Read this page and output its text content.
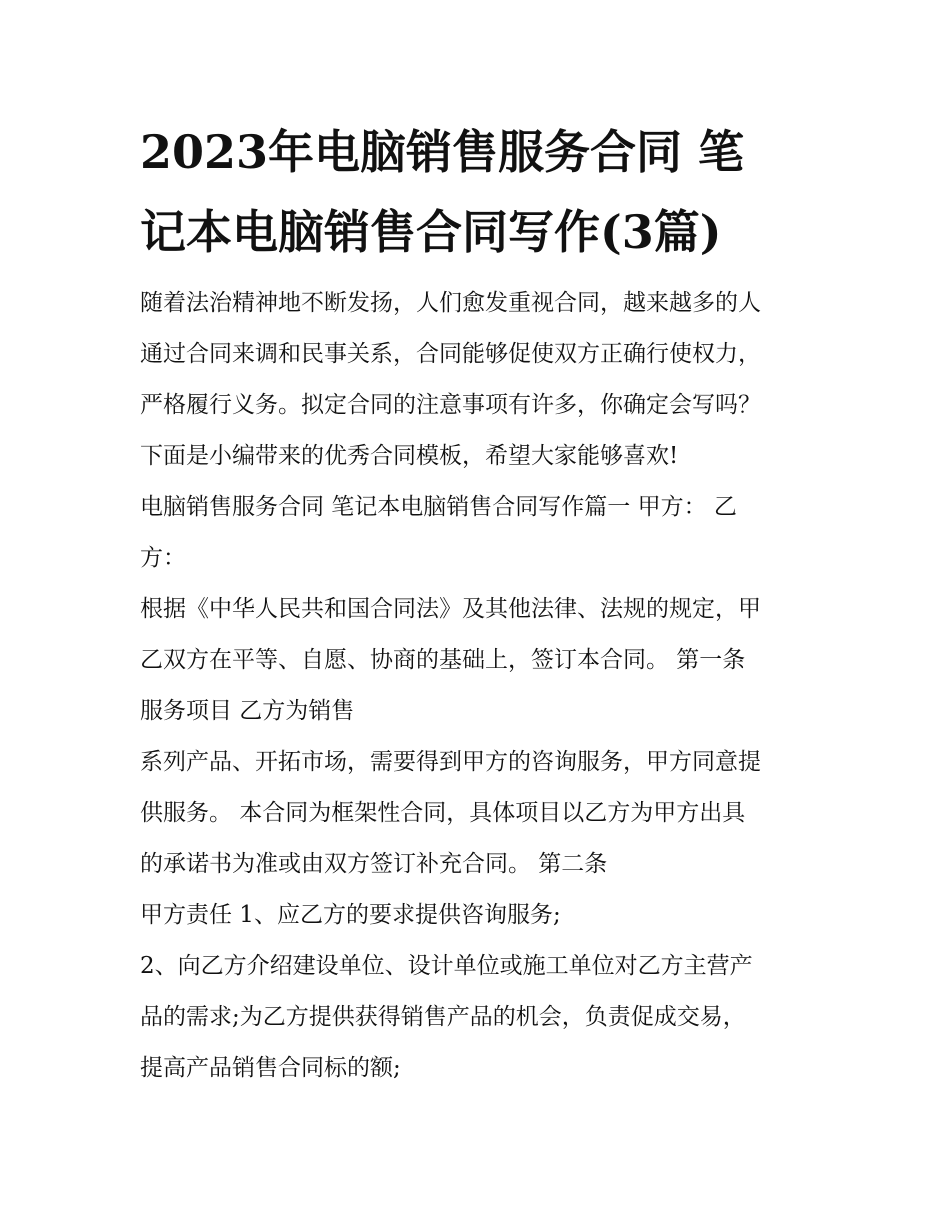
2023年电脑销售服务合同 笔
记本电脑销售合同写作(3篇)

随着法治精神地不断发扬，人们愈发重视合同，越来越多的人
通过合同来调和民事关系，合同能够促使双方正确行使权力，
严格履行义务。拟定合同的注意事项有许多，你确定会写吗？
下面是小编带来的优秀合同模板，希望大家能够喜欢!

电脑销售服务合同 笔记本电脑销售合同写作篇一 甲方： 乙
方：

根据《中华人民共和国合同法》及其他法律、法规的规定，甲
乙双方在平等、自愿、协商的基础上，签订本合同。 第一条
服务项目 乙方为销售

系列产品、开拓市场，需要得到甲方的咨询服务，甲方同意提
供服务。 本合同为框架性合同，具体项目以乙方为甲方出具
的承诺书为准或由双方签订补充合同。 第二条

甲方责任 1、应乙方的要求提供咨询服务;

2、向乙方介绍建设单位、设计单位或施工单位对乙方主营产
品的需求;为乙方提供获得销售产品的机会，负责促成交易，
提高产品销售合同标的额;
